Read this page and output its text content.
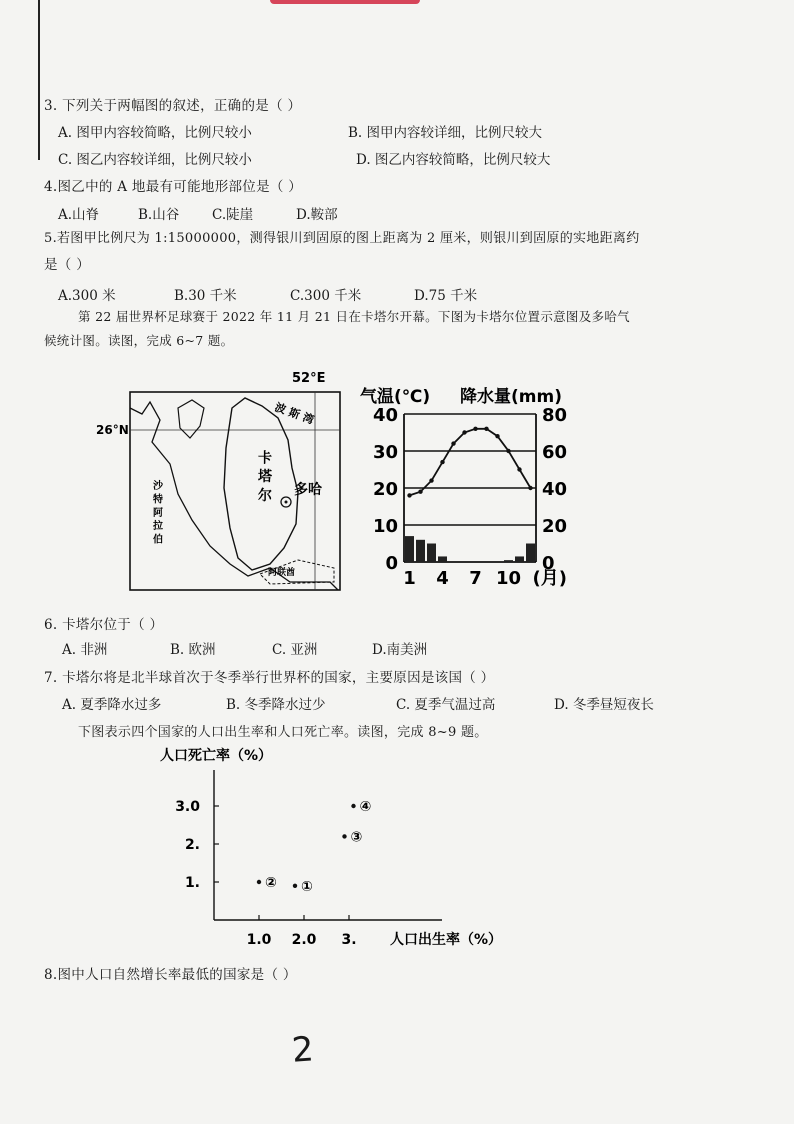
3. 下列关于两幅图的叙述，正确的是（ ）
A. 图甲内容较简略，比例尺较小	B. 图甲内容较详细，比例尺较大
C. 图乙内容较详细，比例尺较小	D. 图乙内容较简略，比例尺较大
4.图乙中的 A 地最有可能地形部位是（ ）
A.山脊	B.山谷 C.陡崖	D.鞍部
5.若图甲比例尺为 1:15000000，测得银川到固原的图上距离为 2 厘米，则银川到固原的实地距离约
是（ ）
A.300 米	B.30 千米	C.300 千米	D.75 千米
第 22 届世界杯足球赛于 2022 年 11 月 21 日在卡塔尔开幕。下图为卡塔尔位置示意图及多哈气
候统计图。读图，完成 6~7 题。
52°E
26°N
波 斯 湾
卡 塔 尔 多哈
沙 特 阿 拉 伯
阿联酋
气温(℃) 降水量(mm)
40	80
30	60
20	40
10	20
0	0
1 4 7 10 (月)
6. 卡塔尔位于（ ）
A. 非洲	B. 欧洲	C. 亚洲	D.南美洲
7. 卡塔尔将是北半球首次于冬季举行世界杯的国家，主要原因是该国（ ）
A. 夏季降水过多	B. 冬季降水过少	C. 夏季气温过高	D. 冬季昼短夜长
下图表示四个国家的人口出生率和人口死亡率。读图，完成 8~9 题。
人口死亡率（%）
人口出生率（%）
1.0 2.0 3.
3.0
2.
1.	①
②
③
④
8.图中人口自然增长率最低的国家是（ ）
2
